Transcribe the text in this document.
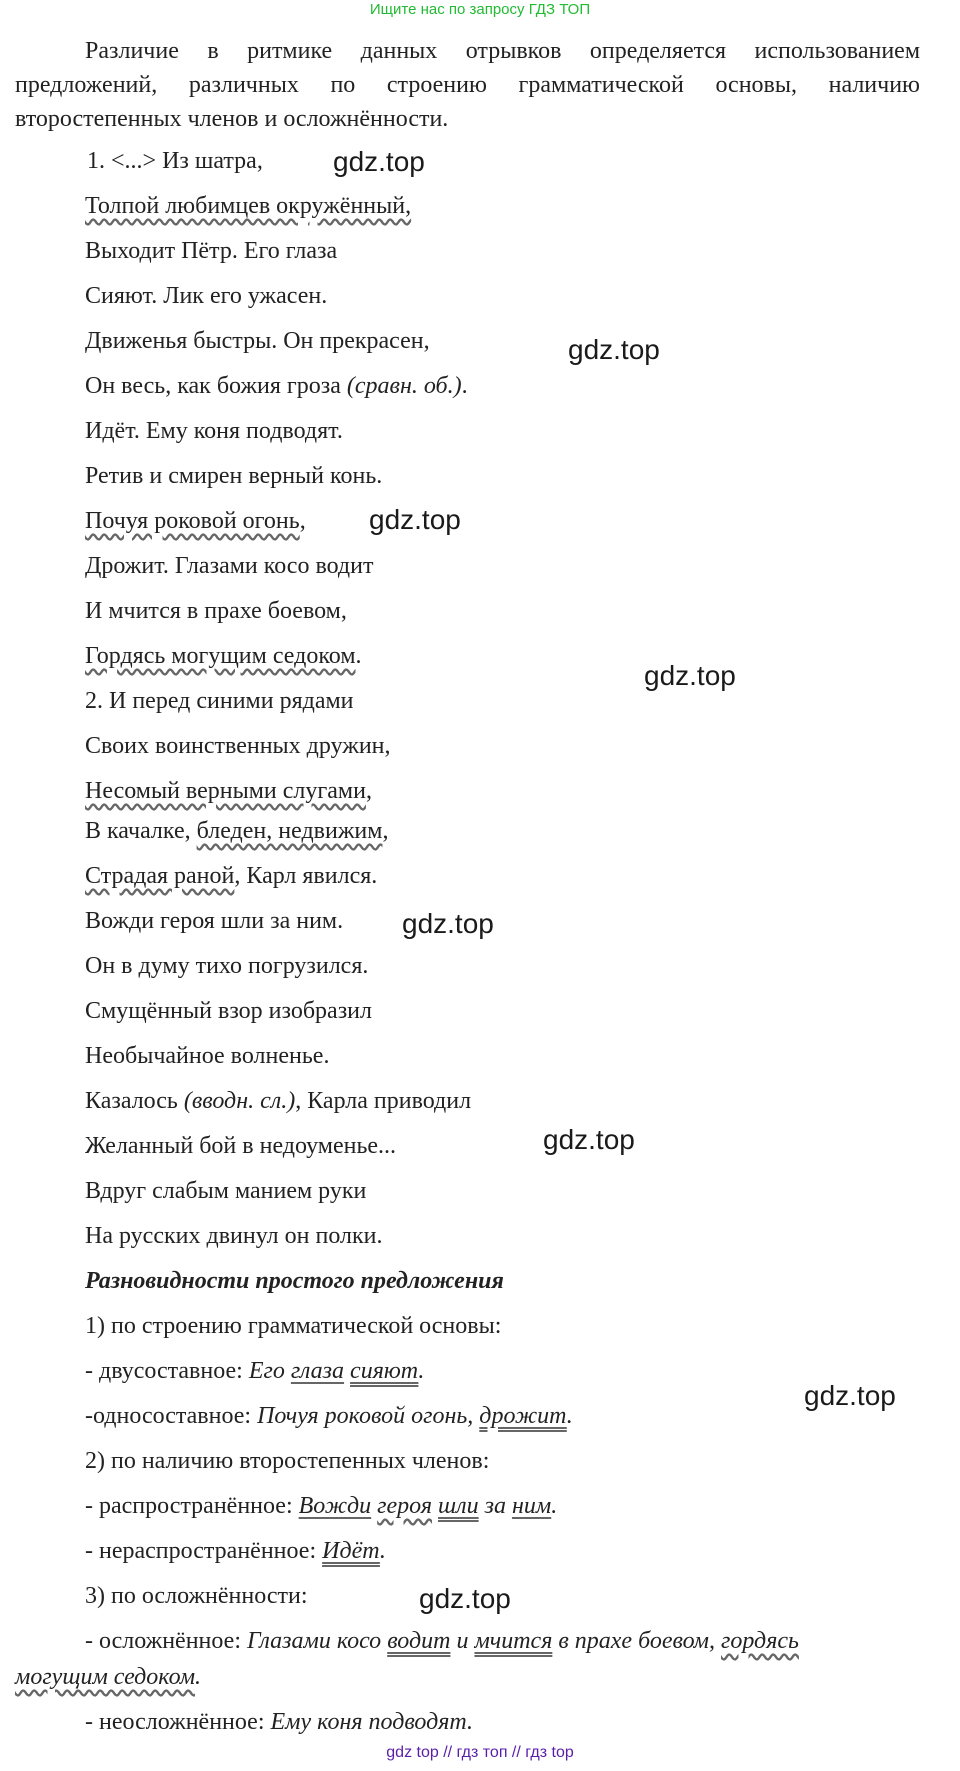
Ищите нас по запросу ГДЗ ТОП
Различие в ритмике данных отрывков определяется использованием предложений, различных по строению грамматической основы, наличию второстепенных членов и осложнённости.
1. <...> Из шатра,
Толпой любимцев окружённый,
Выходит Пётр. Его глаза
Сияют. Лик его ужасен.
Движенья быстры. Он прекрасен,
Он весь, как божия гроза (сравн. об.).
Идёт. Ему коня подводят.
Ретив и смирен верный конь.
Почуя роковой огонь,
Дрожит. Глазами косо водит
И мчится в прахе боевом,
Гордясь могущим седоком.
2. И перед синими рядами
Своих воинственных дружин,
Несомый верными слугами,
В качалке, бледен, недвижим,
Страдая раной, Карл явился.
Вожди героя шли за ним.
Он в думу тихо погрузился.
Смущённый взор изобразил
Необычайное волненье.
Казалось (вводн. сл.), Карла приводил
Желанный бой в недоуменье...
Вдруг слабым манием руки
На русских двинул он полки.
Разновидности простого предложения
1) по строению грамматической основы:
- двусоставное: Его глаза сияют.
-односоставное: Почуя роковой огонь, дрожит.
2) по наличию второстепенных членов:
- распространённое: Вожди героя шли за ним.
- нераспространённое: Идёт.
3) по осложнённости:
- осложнённое: Глазами косо водит и мчится в прахе боевом, гордясь
могущим седоком.
- неосложнённое: Ему коня подводят.
gdz.top
gdz.top
gdz.top
gdz.top
gdz.top
gdz.top
gdz.top
gdz.top
gdz top // гдз топ // гдз top
